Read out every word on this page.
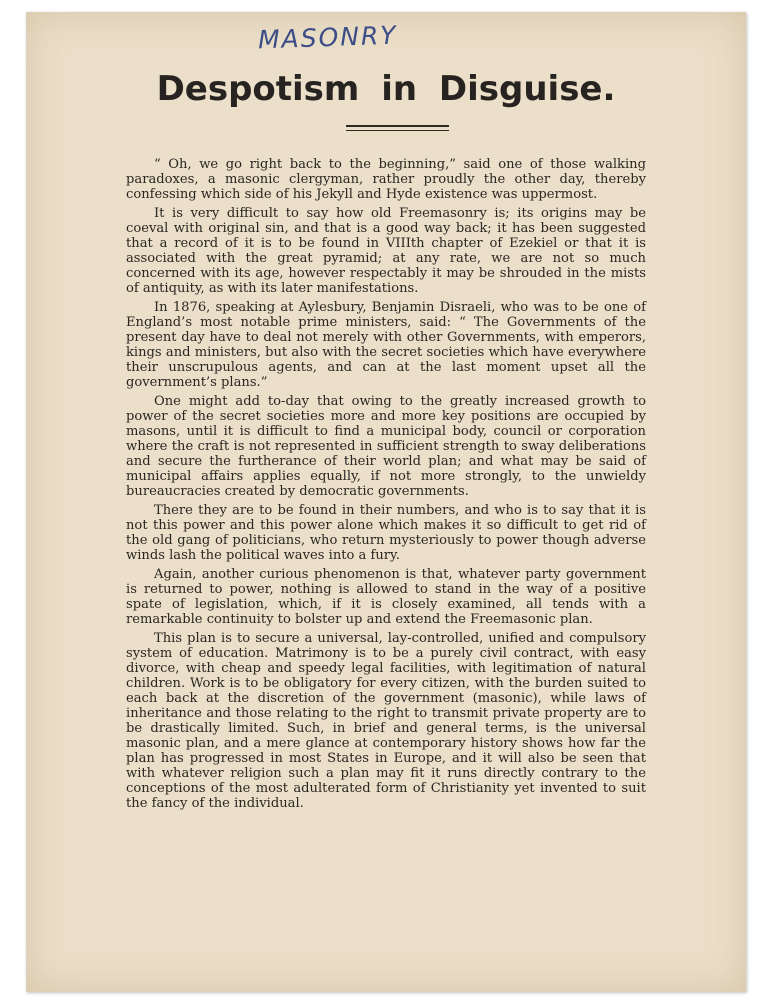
MASONRY
Despotism in Disguise.

“ Oh, we go right back to the beginning,” said one of those walking paradoxes, a masonic clergyman, rather proudly the other day, thereby confessing which side of his Jekyll and Hyde existence was uppermost.

It is very difficult to say how old Freemasonry is; its origins may be coeval with original sin, and that is a good way back; it has been suggested that a record of it is to be found in VIIIth chapter of Ezekiel or that it is associated with the great pyramid; at any rate, we are not so much concerned with its age, however respectably it may be shrouded in the mists of antiquity, as with its later manifestations.

In 1876, speaking at Aylesbury, Benjamin Disraeli, who was to be one of England’s most notable prime ministers, said: “ The Governments of the present day have to deal not merely with other Governments, with emperors, kings and ministers, but also with the secret societies which have everywhere their unscrupulous agents, and can at the last moment upset all the government’s plans.”

One might add to-day that owing to the greatly increased growth to power of the secret societies more and more key positions are occupied by masons, until it is difficult to find a municipal body, council or corporation where the craft is not represented in sufficient strength to sway deliberations and secure the furtherance of their world plan; and what may be said of municipal affairs applies equally, if not more strongly, to the unwieldy bureaucracies created by democratic governments.

There they are to be found in their numbers, and who is to say that it is not this power and this power alone which makes it so difficult to get rid of the old gang of politicians, who return mysteriously to power though adverse winds lash the political waves into a fury.

Again, another curious phenomenon is that, whatever party government is returned to power, nothing is allowed to stand in the way of a positive spate of legislation, which, if it is closely examined, all tends with a remarkable continuity to bolster up and extend the Freemasonic plan.

This plan is to secure a universal, lay-controlled, unified and compulsory system of education. Matrimony is to be a purely civil contract, with easy divorce, with cheap and speedy legal facilities, with legitimation of natural children. Work is to be obligatory for every citizen, with the burden suited to each back at the discretion of the government (masonic), while laws of inheritance and those relating to the right to transmit private property are to be drastically limited. Such, in brief and general terms, is the universal masonic plan, and a mere glance at contemporary history shows how far the plan has progressed in most States in Europe, and it will also be seen that with whatever religion such a plan may fit it runs directly contrary to the conceptions of the most adulterated form of Christianity yet invented to suit the fancy of the individual.
